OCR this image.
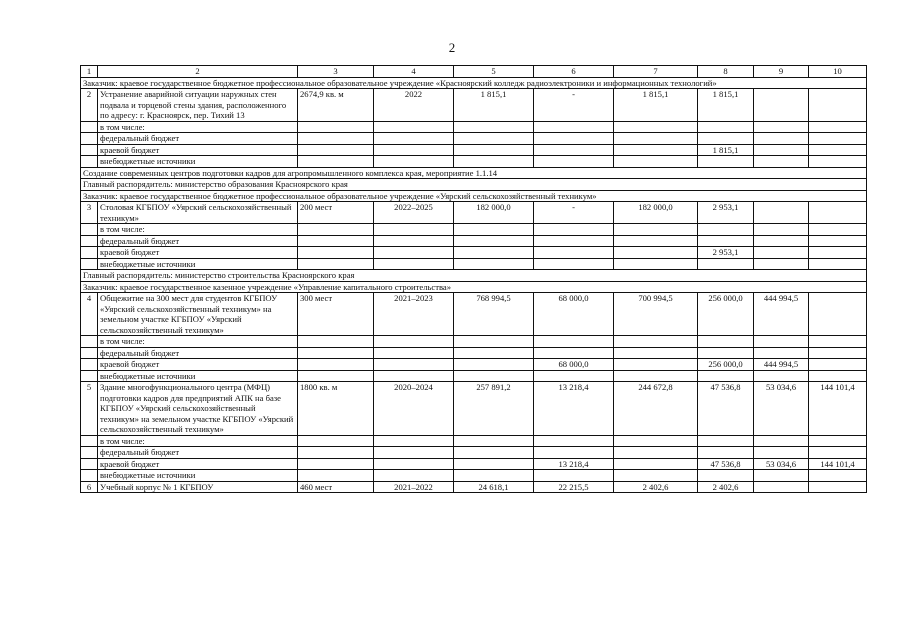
2
1	2	3	4	5	6	7	8	9	10
Заказчик: краевое государственное бюджетное профессиональное образовательное учреждение «Красноярский колледж радиоэлектроники и информационных технологий»									
2	Устранение аварийной ситуации наружных стен подвала и торцевой стены здания, расположенного по адресу: г. Красноярск, пер. Тихий 13	2674,9 кв. м	2022	1 815,1	-	1 815,1	1 815,1		
	в том числе:								
	федеральный бюджет								
	краевой бюджет						1 815,1		
	внебюджетные источники								
Создание современных центров подготовки кадров для агропромышленного комплекса края, мероприятие 1.1.14									
Главный распорядитель: министерство образования Красноярского края									
Заказчик: краевое государственное бюджетное профессиональное образовательное учреждение «Уярский сельскохозяйственный техникум»									
3	Столовая КГБПОУ «Уярский сельскохозяйственный техникум»	200 мест	2022–2025	182 000,0	-	182 000,0	2 953,1		
	в том числе:								
	федеральный бюджет								
	краевой бюджет						2 953,1		
	внебюджетные источники								
Главный распорядитель: министерство строительства Красноярского края									
Заказчик: краевое государственное казенное учреждение «Управление капитального строительства»									
4	Общежитие на 300 мест для студентов КГБПОУ «Уярский сельскохозяйственный техникум» на земельном участке КГБПОУ «Уярский сельскохозяйственный техникум»	300 мест	2021–2023	768 994,5	68 000,0	700 994,5	256 000,0	444 994,5	
	в том числе:								
	федеральный бюджет								
	краевой бюджет				68 000,0		256 000,0	444 994,5	
	внебюджетные источники								
5	Здание многофункционального центра (МФЦ) подготовки кадров для предприятий АПК на базе КГБПОУ «Уярский сельскохозяйственный техникум» на земельном участке КГБПОУ «Уярский сельскохозяйственный техникум»	1800 кв. м	2020–2024	257 891,2	13 218,4	244 672,8	47 536,8	53 034,6	144 101,4
	в том числе:								
	федеральный бюджет								
	краевой бюджет				13 218,4		47 536,8	53 034,6	144 101,4
	внебюджетные источники								
6	Учебный корпус № 1 КГБПОУ	460 мест	2021–2022	24 618,1	22 215,5	2 402,6	2 402,6		
